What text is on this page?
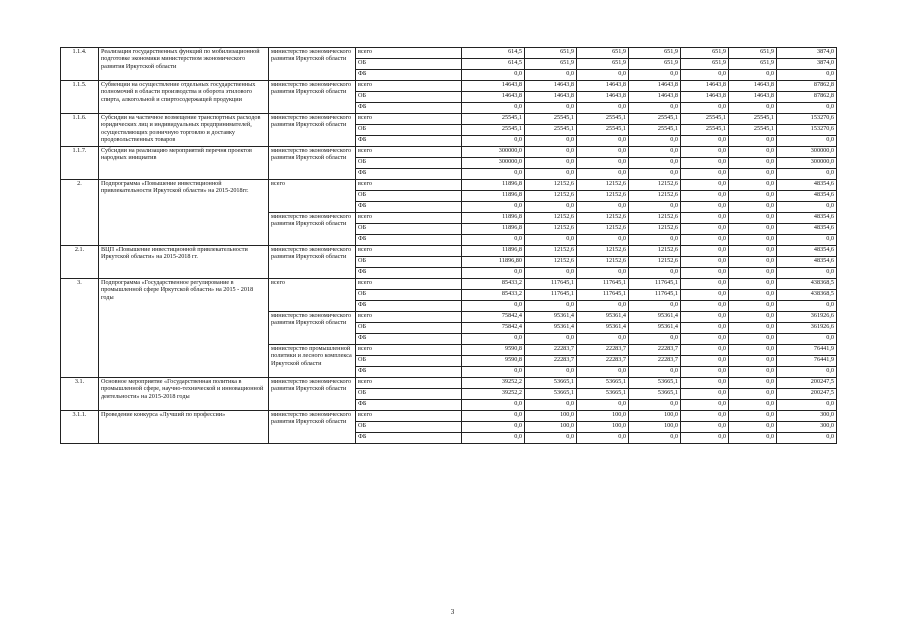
1.1.4.	Реализация государственных функций по мобилизационной подготовке экономики министерством экономического развития Иркутской области	министерство экономического развития Иркутской области	всего	614,5	651,9	651,9	651,9	651,9	651,9	3874,0
			ОБ	614,5	651,9	651,9	651,9	651,9	651,9	3874,0
			ФБ	0,0	0,0	0,0	0,0	0,0	0,0	0,0
1.1.5.	Субвенции на осуществление отдельных государственных полномочий в области производства и оборота этилового спирта, алкогольной и спиртосодержащей продукции	министерство экономического развития Иркутской области	всего	14643,8	14643,8	14643,8	14643,8	14643,8	14643,8	87862,8
			ОБ	14643,8	14643,8	14643,8	14643,8	14643,8	14643,8	87862,8
			ФБ	0,0	0,0	0,0	0,0	0,0	0,0	0,0
1.1.6.	Субсидии на частичное возмещение транспортных расходов юридических лиц и индивидуальных предпринимателей, осуществляющих розничную торговлю и доставку продовольственных товаров	министерство экономического развития Иркутской области	всего	25545,1	25545,1	25545,1	25545,1	25545,1	25545,1	153270,6
			ОБ	25545,1	25545,1	25545,1	25545,1	25545,1	25545,1	153270,6
			ФБ	0,0	0,0	0,0	0,0	0,0	0,0	0,0
1.1.7.	Субсидии на реализацию мероприятий перечня проектов народных инициатив	министерство экономического развития Иркутской области	всего	300000,0	0,0	0,0	0,0	0,0	0,0	300000,0
			ОБ	300000,0	0,0	0,0	0,0	0,0	0,0	300000,0
			ФБ	0,0	0,0	0,0	0,0	0,0	0,0	0,0
2.	Подпрограмма «Повышение инвестиционной привлекательности Иркутской области» на 2015-2018гг.	всего	всего	11896,8	12152,6	12152,6	12152,6	0,0	0,0	48354,6
			ОБ	11896,8	12152,6	12152,6	12152,6	0,0	0,0	48354,6
			ФБ	0,0	0,0	0,0	0,0	0,0	0,0	0,0
		министерство экономического развития Иркутской области	всего	11896,8	12152,6	12152,6	12152,6	0,0	0,0	48354,6
			ОБ	11896,8	12152,6	12152,6	12152,6	0,0	0,0	48354,6
			ФБ	0,0	0,0	0,0	0,0	0,0	0,0	0,0
2.1.	ВЦП «Повышение инвестиционной привлекательности Иркутской области» на 2015-2018 гг.	министерство экономического развития Иркутской области	всего	11896,8	12152,6	12152,6	12152,6	0,0	0,0	48354,6
			ОБ	11896,80	12152,6	12152,6	12152,6	0,0	0,0	48354,6
			ФБ	0,0	0,0	0,0	0,0	0,0	0,0	0,0
3.	Подпрограмма «Государственное регулирование в промышленной сфере Иркутской области» на 2015 - 2018 годы	всего	всего	85433,2	117645,1	117645,1	117645,1	0,0	0,0	438368,5
			ОБ	85433,2	117645,1	117645,1	117645,1	0,0	0,0	438368,5
			ФБ	0,0	0,0	0,0	0,0	0,0	0,0	0,0
		министерство экономического развития Иркутской области	всего	75842,4	95361,4	95361,4	95361,4	0,0	0,0	361926,6
			ОБ	75842,4	95361,4	95361,4	95361,4	0,0	0,0	361926,6
			ФБ	0,0	0,0	0,0	0,0	0,0	0,0	0,0
		министерство промышленной политики и лесного комплекса Иркутской области	всего	9590,8	22283,7	22283,7	22283,7	0,0	0,0	76441,9
			ОБ	9590,8	22283,7	22283,7	22283,7	0,0	0,0	76441,9
			ФБ	0,0	0,0	0,0	0,0	0,0	0,0	0,0
3.1.	Основное мероприятие «Государственная политика в промышленной сфере, научно-технической и инновационной деятельности» на 2015-2018 годы	министерство экономического развития Иркутской области	всего	39252,2	53665,1	53665,1	53665,1	0,0	0,0	200247,5
			ОБ	39252,2	53665,1	53665,1	53665,1	0,0	0,0	200247,5
			ФБ	0,0	0,0	0,0	0,0	0,0	0,0	0,0
3.1.1.	Проведение конкурса «Лучший по профессии»	министерство экономического развития Иркутской области	всего	0,0	100,0	100,0	100,0	0,0	0,0	300,0
			ОБ	0,0	100,0	100,0	100,0	0,0	0,0	300,0
			ФБ	0,0	0,0	0,0	0,0	0,0	0,0	0,0
3
